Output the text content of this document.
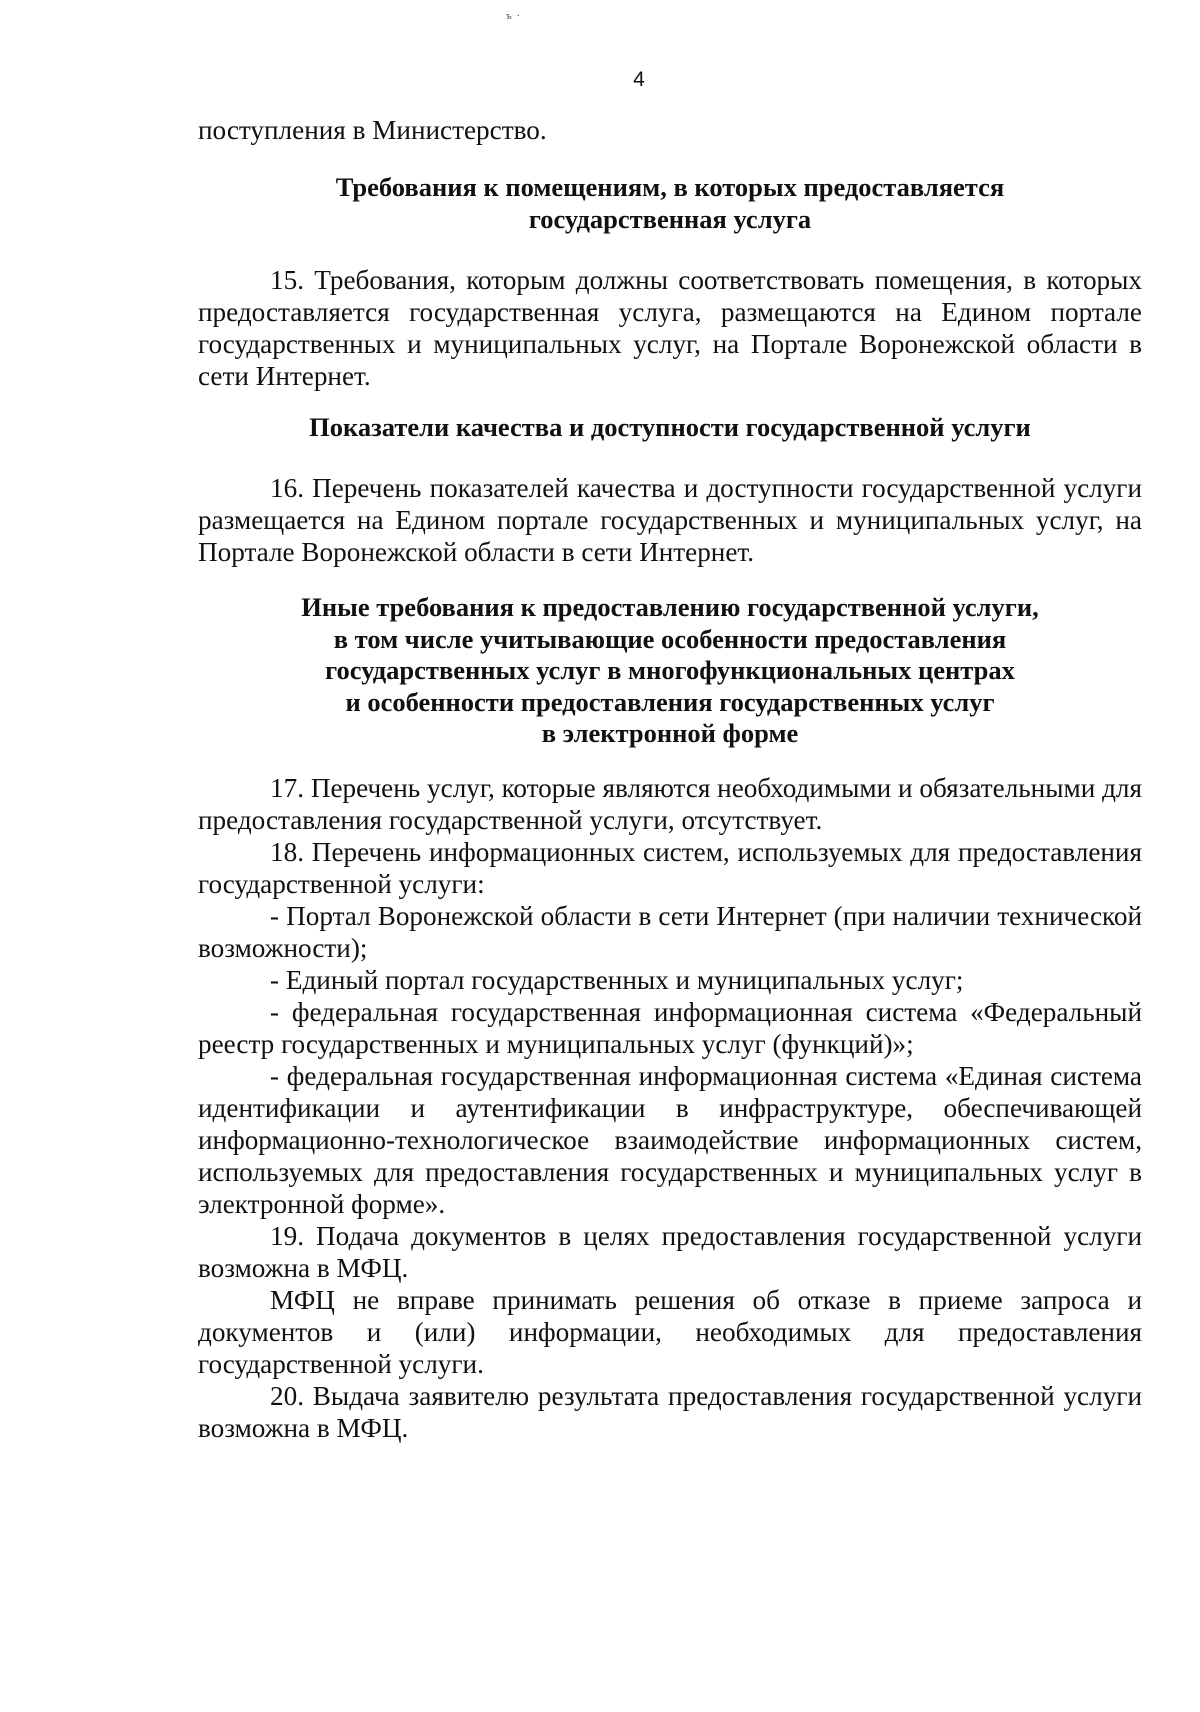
ъ ·
4

поступления в Министерство.

Требования к помещениям, в которых предоставляется
государственная услуга

15. Требования, которым должны соответствовать помещения, в которых предоставляется государственная услуга, размещаются на Едином портале государственных и муниципальных услуг, на Портале Воронежской области в сети Интернет.

Показатели качества и доступности государственной услуги

16. Перечень показателей качества и доступности государственной услуги размещается на Едином портале государственных и муниципальных услуг, на Портале Воронежской области в сети Интернет.

Иные требования к предоставлению государственной услуги,
в том числе учитывающие особенности предоставления
государственных услуг в многофункциональных центрах
и особенности предоставления государственных услуг
в электронной форме

17. Перечень услуг, которые являются необходимыми и обязательными для предоставления государственной услуги, отсутствует.

18. Перечень информационных систем, используемых для предоставления государственной услуги:

- Портал Воронежской области в сети Интернет (при наличии технической возможности);

- Единый портал государственных и муниципальных услуг;

- федеральная государственная информационная система «Федеральный реестр государственных и муниципальных услуг (функций)»;

- федеральная государственная информационная система «Единая система идентификации и аутентификации в инфраструктуре, обеспечивающей информационно-технологическое взаимодействие информационных систем, используемых для предоставления государственных и муниципальных услуг в электронной форме».

19. Подача документов в целях предоставления государственной услуги возможна в МФЦ.

МФЦ не вправе принимать решения об отказе в приеме запроса и документов и (или) информации, необходимых для предоставления государственной услуги.

20. Выдача заявителю результата предоставления государственной услуги возможна в МФЦ.
